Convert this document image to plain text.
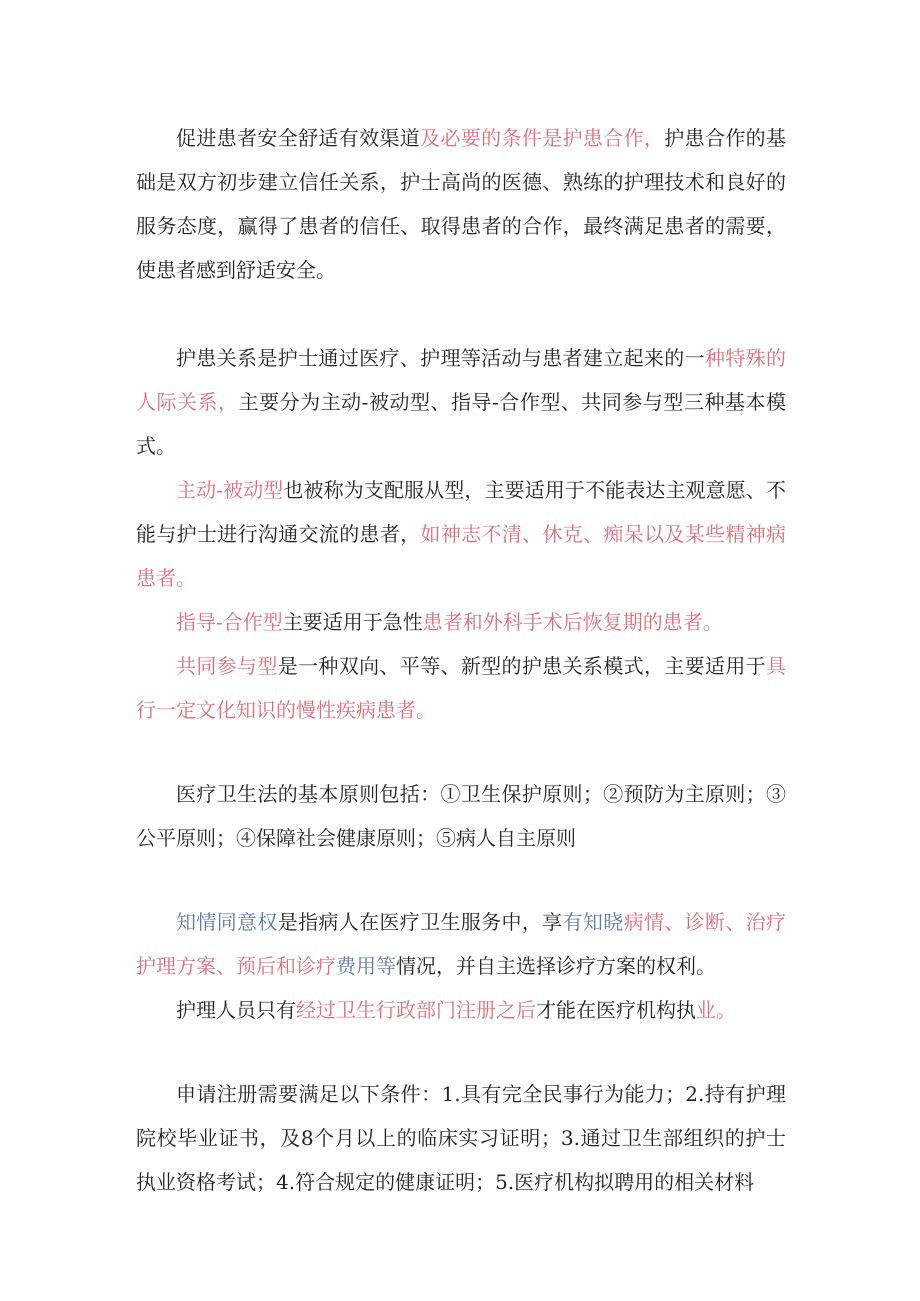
促进患者安全舒适有效渠道及必要的条件是护患合作，护患合作的基础是双方初步建立信任关系，护士高尚的医德、熟练的护理技术和良好的服务态度，赢得了患者的信任、取得患者的合作，最终满足患者的需要，使患者感到舒适安全。

护患关系是护士通过医疗、护理等活动与患者建立起来的一种特殊的人际关系，主要分为主动-被动型、指导-合作型、共同参与型三种基本模式。

主动-被动型也被称为支配服从型，主要适用于不能表达主观意愿、不能与护士进行沟通交流的患者，如神志不清、休克、痴呆以及某些精神病患者。

指导-合作型主要适用于急性患者和外科手术后恢复期的患者。

共同参与型是一种双向、平等、新型的护患关系模式，主要适用于具行一定文化知识的慢性疾病患者。

医疗卫生法的基本原则包括：①卫生保护原则；②预防为主原则；③公平原则；④保障社会健康原则；⑤病人自主原则

知情同意权是指病人在医疗卫生服务中，享有知晓病情、诊断、治疗护理方案、预后和诊疗费用等情况，并自主选择诊疗方案的权利。

护理人员只有经过卫生行政部门注册之后才能在医疗机构执业。

申请注册需要满足以下条件：1.具有完全民事行为能力；2.持有护理院校毕业证书，及8个月以上的临床实习证明；3.通过卫生部组织的护士执业资格考试；4.符合规定的健康证明；5.医疗机构拟聘用的相关材料
